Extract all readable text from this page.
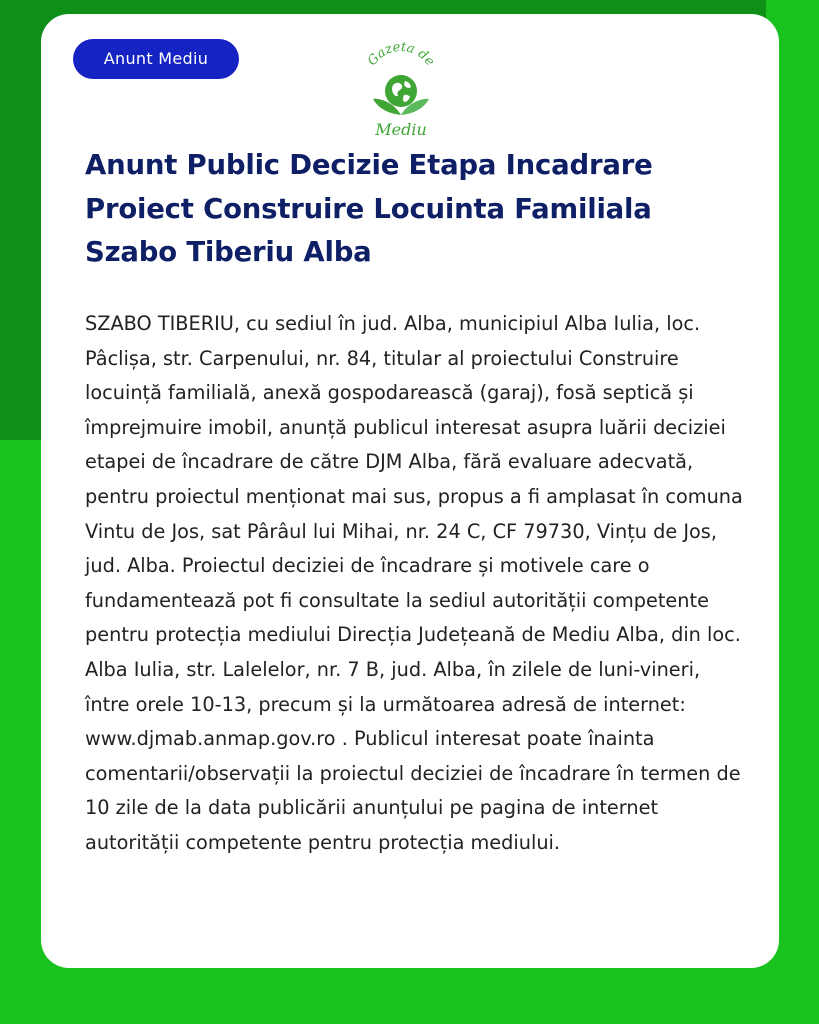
Anunt Mediu	Gazeta de
Mediu
Anunt Public Decizie Etapa Incadrare Proiect Construire Locuinta Familiala Szabo Tiberiu Alba

SZABO TIBERIU, cu sediul în jud. Alba, municipiul Alba Iulia, loc. Pâclișa, str. Carpenului, nr. 84, titular al proiectului Construire locuință familială, anexă gospodarească (garaj), fosă septică și împrejmuire imobil, anunță publicul interesat asupra luării deciziei etapei de încadrare de către DJM Alba, fără evaluare adecvată, pentru proiectul menționat mai sus, propus a fi amplasat în comuna Vintu de Jos, sat Pârâul lui Mihai, nr. 24 C, CF 79730, Vințu de Jos, jud. Alba. Proiectul deciziei de încadrare și motivele care o fundamentează pot fi consultate la sediul autorității competente pentru protecția mediului Direcția Județeană de Mediu Alba, din loc. Alba Iulia, str. Lalelelor, nr. 7 B, jud. Alba, în zilele de luni-vineri, între orele 10-13, precum și la următoarea adresă de internet: www.djmab.anmap.gov.ro . Publicul interesat poate înainta comentarii/observații la proiectul deciziei de încadrare în termen de 10 zile de la data publicării anunțului pe pagina de internet autorității competente pentru protecția mediului.
